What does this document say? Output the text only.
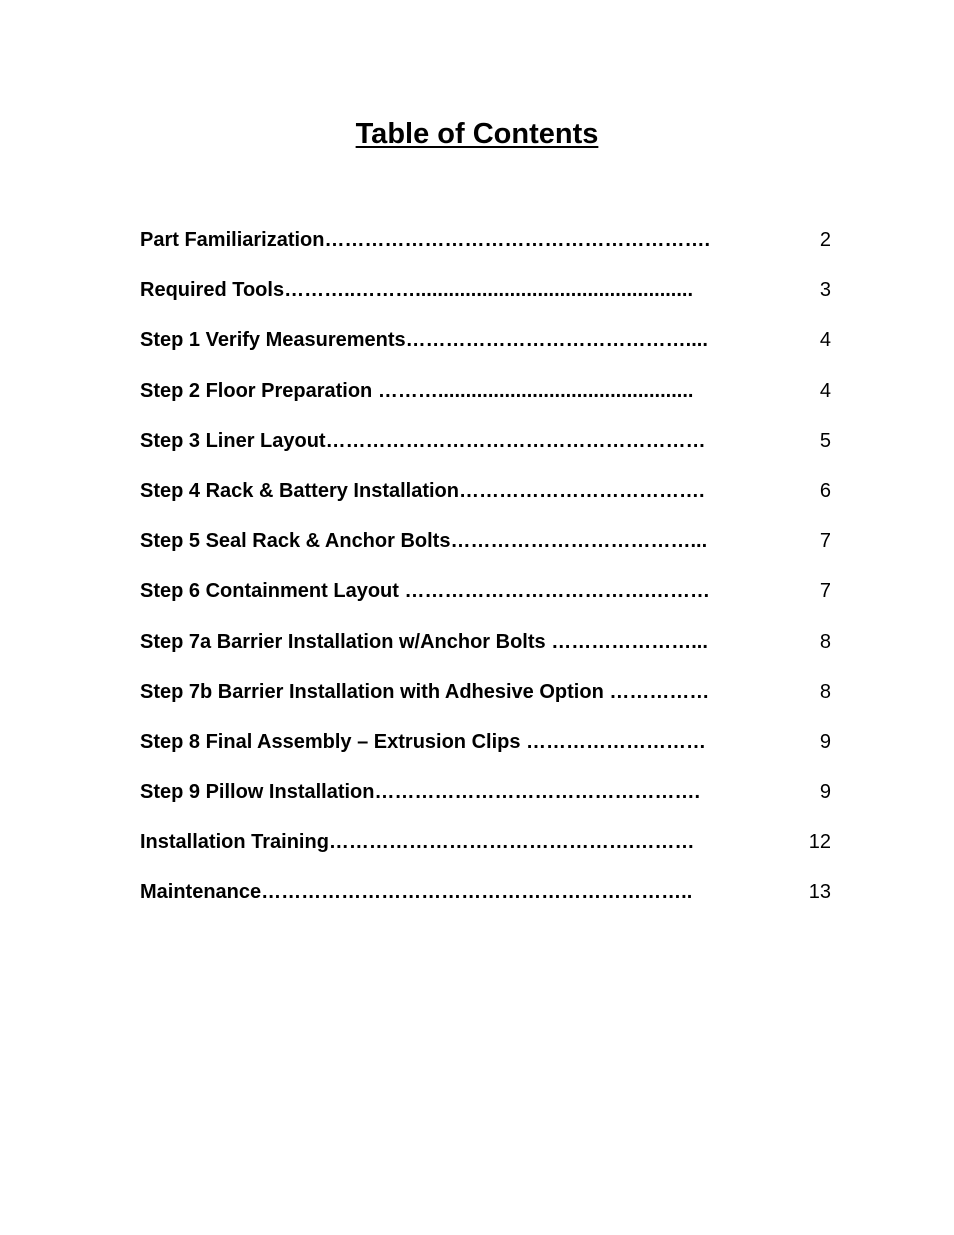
Table of Contents
Part Familiarization………………………………………………….	2
Required Tools………..………..................................................	3
Step 1 Verify Measurements……………………………………....	4
Step 2 Floor Preparation ………..............................................	4
Step 3 Liner Layout…………………………………………………	5
Step 4 Rack & Battery Installation……………………………….	6
Step 5 Seal Rack & Anchor Bolts………………………………...	7
Step 6 Containment Layout ……………………………….………	7
Step 7a Barrier Installation w/Anchor Bolts …………………...	8
Step 7b Barrier Installation with Adhesive Option ……………	8
Step 8 Final Assembly – Extrusion Clips ………………………	9
Step 9 Pillow Installation………………………………………….	9
Installation Training……………………………………….………	12
Maintenance………………………………………………………..	13
